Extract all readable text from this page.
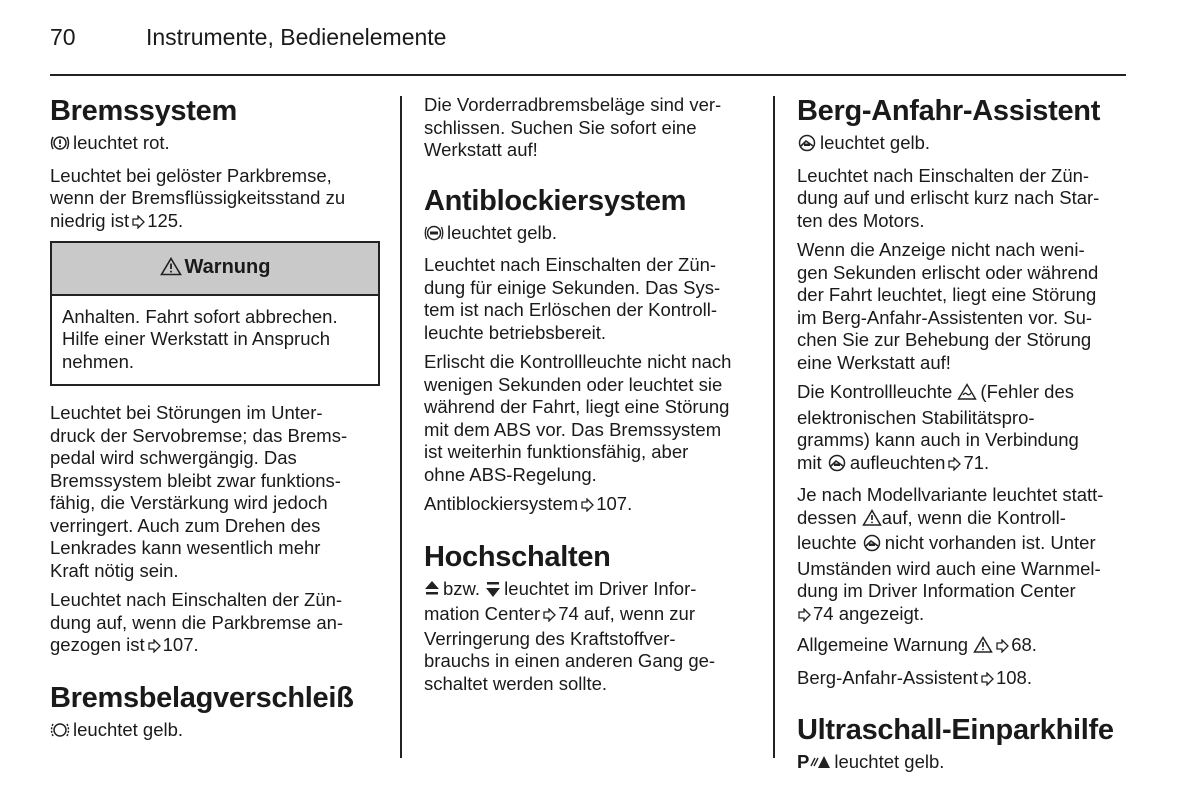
70	Instrumente, Bedienelemente
Bremssystem

leuchtet rot.

Leuchtet bei gelöster Parkbremse,
wenn der Bremsflüssigkeitsstand zu
niedrig ist 125.

Warnung
Anhalten. Fahrt sofort abbrechen.
Hilfe einer Werkstatt in Anspruch
nehmen.

Leuchtet bei Störungen im Unter-
druck der Servobremse; das Brems-
pedal wird schwergängig. Das
Bremssystem bleibt zwar funktions-
fähig, die Verstärkung wird jedoch
verringert. Auch zum Drehen des
Lenkrades kann wesentlich mehr
Kraft nötig sein.

Leuchtet nach Einschalten der Zün-
dung auf, wenn die Parkbremse an-
gezogen ist 107.

Bremsbelagverschleiß

leuchtet gelb.

Die Vorderradbremsbeläge sind ver-
schlissen. Suchen Sie sofort eine
Werkstatt auf!

Antiblockiersystem

leuchtet gelb.

Leuchtet nach Einschalten der Zün-
dung für einige Sekunden. Das Sys-
tem ist nach Erlöschen der Kontroll-
leuchte betriebsbereit.

Erlischt die Kontrollleuchte nicht nach
wenigen Sekunden oder leuchtet sie
während der Fahrt, liegt eine Störung
mit dem ABS vor. Das Bremssystem
ist weiterhin funktionsfähig, aber
ohne ABS-Regelung.

Antiblockiersystem 107.

Hochschalten

bzw. leuchtet im Driver Infor-
mation Center 74 auf, wenn zur
Verringerung des Kraftstoffver-
brauchs in einen anderen Gang ge-
schaltet werden sollte.

Berg-Anfahr-Assistent

leuchtet gelb.

Leuchtet nach Einschalten der Zün-
dung auf und erlischt kurz nach Star-
ten des Motors.

Wenn die Anzeige nicht nach weni-
gen Sekunden erlischt oder während
der Fahrt leuchtet, liegt eine Störung
im Berg-Anfahr-Assistenten vor. Su-
chen Sie zur Behebung der Störung
eine Werkstatt auf!

Die Kontrollleuchte (Fehler des
elektronischen Stabilitätspro-
gramms) kann auch in Verbindung
mit aufleuchten 71.

Je nach Modellvariante leuchtet statt-
dessen auf, wenn die Kontroll-
leuchte nicht vorhanden ist. Unter
Umständen wird auch eine Warnmel-
dung im Driver Information Center
74 angezeigt.

Allgemeine Warnung 68.

Berg-Anfahr-Assistent 108.

Ultraschall-Einparkhilfe

P leuchtet gelb.
